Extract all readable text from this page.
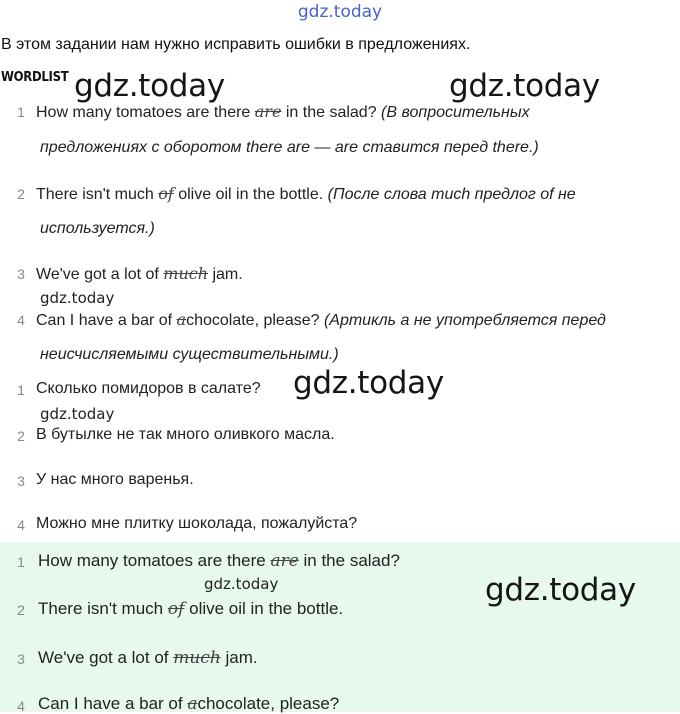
gdz.today
В этом задании нам нужно исправить ошибки в предложениях.
WORDLIST
1 How many tomatoes are there are in the salad? (В вопросительных
предложениях с оборотом there are — are ставится перед there.)
2 There isn't much of olive oil in the bottle. (После слова much предлог of не
используется.)
3 We've got a lot of much jam.
4 Can I have a bar of achocolate, please? (Артикль a не употребляется перед
неисчисляемыми существительными.)
1 Сколько помидоров в салате?
2 В бутылке не так много оливкого масла.
3 У нас много варенья.
4 Можно мне плитку шоколада, пожалуйста?
1 How many tomatoes are there are in the salad?
2 There isn't much of olive oil in the bottle.
3 We've got a lot of much jam.
4 Can I have a bar of achocolate, please?
gdz.today	gdz.today
gdz.today
gdz.today
gdz.today
gdz.today	gdz.today
